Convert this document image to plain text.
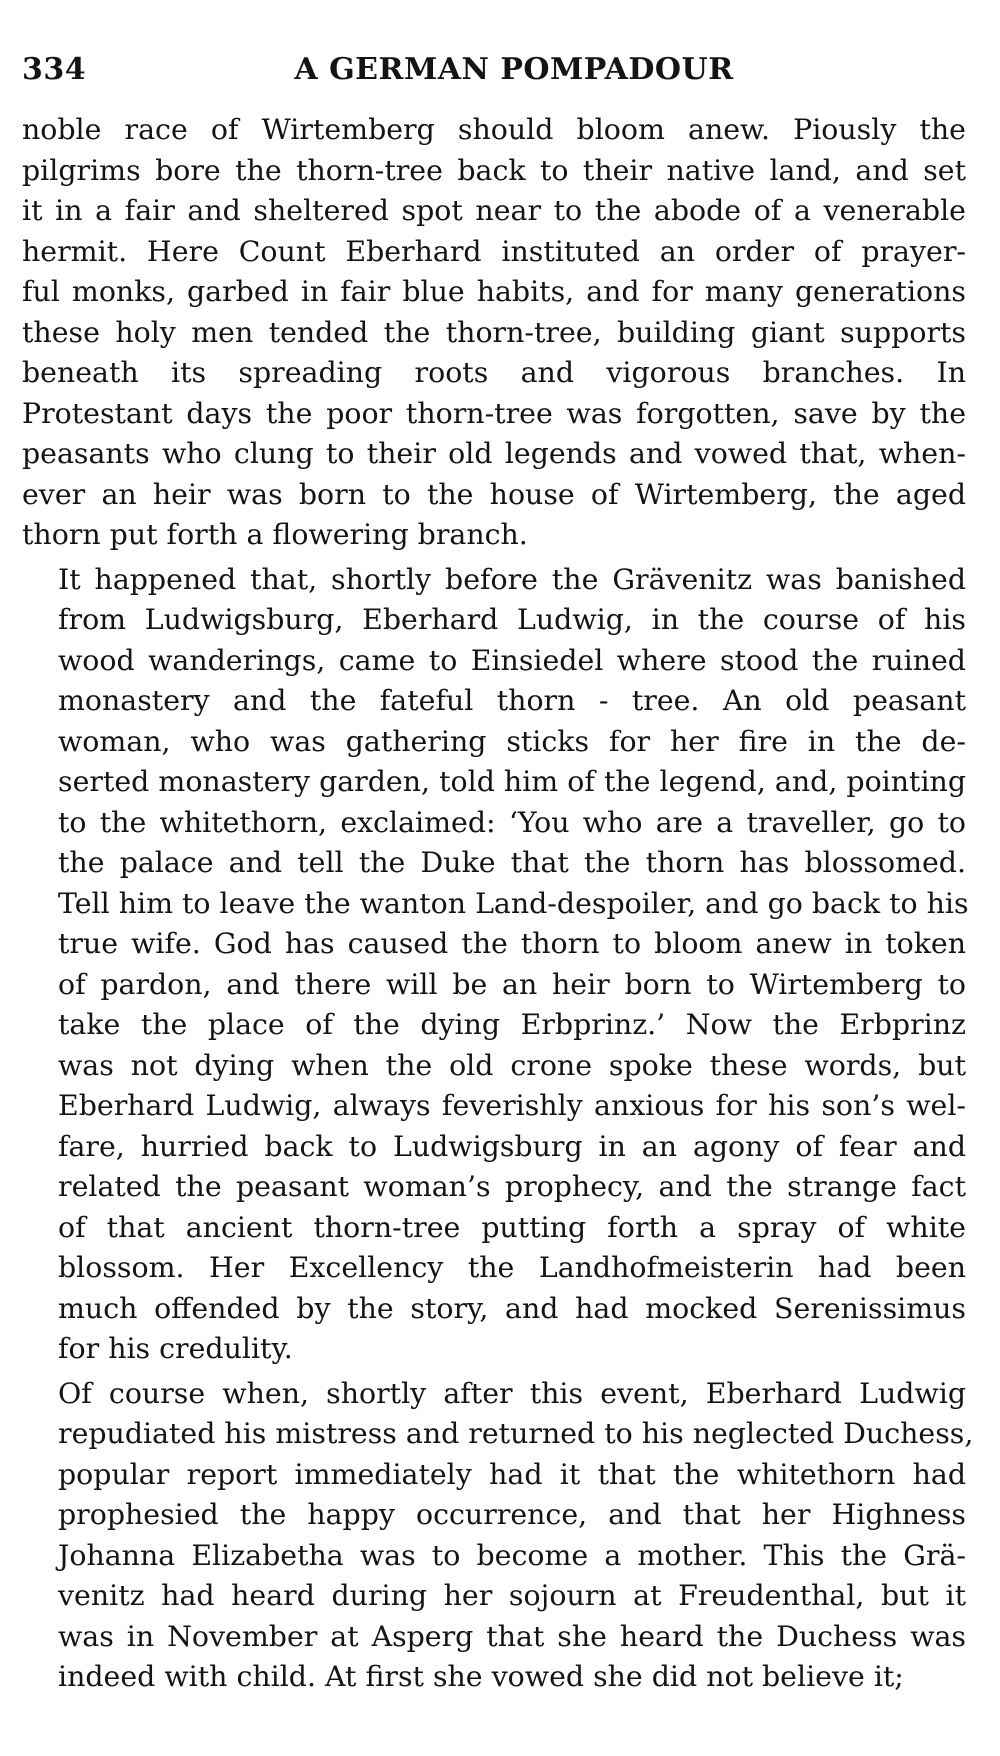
334	A GERMAN POMPADOUR
noble race of Wirtemberg should bloom anew. Piously the
pilgrims bore the thorn-tree back to their native land, and set
it in a fair and sheltered spot near to the abode of a venerable
hermit. Here Count Eberhard instituted an order of prayer-
ful monks, garbed in fair blue habits, and for many generations
these holy men tended the thorn-tree, building giant supports
beneath its spreading roots and vigorous branches. In
Protestant days the poor thorn-tree was forgotten, save by the
peasants who clung to their old legends and vowed that, when-
ever an heir was born to the house of Wirtemberg, the aged
thorn put forth a flowering branch.
It happened that, shortly before the Grävenitz was banished
from Ludwigsburg, Eberhard Ludwig, in the course of his
wood wanderings, came to Einsiedel where stood the ruined
monastery and the fateful thorn - tree. An old peasant
woman, who was gathering sticks for her fire in the de-
serted monastery garden, told him of the legend, and, pointing
to the whitethorn, exclaimed: ‘You who are a traveller, go to
the palace and tell the Duke that the thorn has blossomed.
Tell him to leave the wanton Land-despoiler, and go back to his
true wife. God has caused the thorn to bloom anew in token
of pardon, and there will be an heir born to Wirtemberg to
take the place of the dying Erbprinz.’ Now the Erbprinz
was not dying when the old crone spoke these words, but
Eberhard Ludwig, always feverishly anxious for his son’s wel-
fare, hurried back to Ludwigsburg in an agony of fear and
related the peasant woman’s prophecy, and the strange fact
of that ancient thorn-tree putting forth a spray of white
blossom. Her Excellency the Landhofmeisterin had been
much offended by the story, and had mocked Serenissimus
for his credulity.
Of course when, shortly after this event, Eberhard Ludwig
repudiated his mistress and returned to his neglected Duchess,
popular report immediately had it that the whitethorn had
prophesied the happy occurrence, and that her Highness
Johanna Elizabetha was to become a mother. This the Grä-
venitz had heard during her sojourn at Freudenthal, but it
was in November at Asperg that she heard the Duchess was
indeed with child. At first she vowed she did not believe it;
